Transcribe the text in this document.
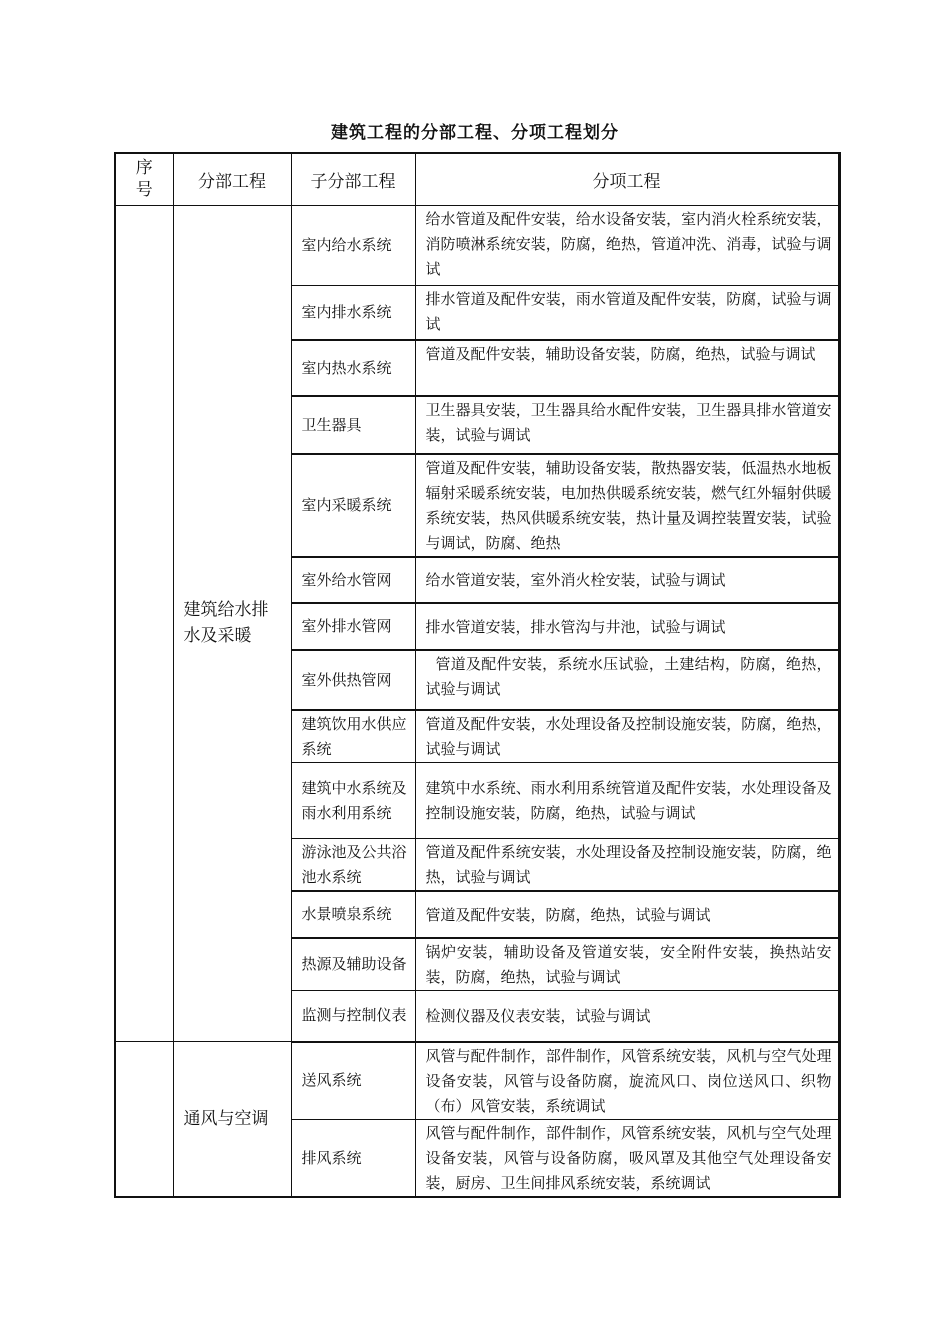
建筑工程的分部工程、分项工程划分
序号	分部工程	子分部工程	分项工程
	建筑给水排水及采暖	室内给水系统	给水管道及配件安装，给水设备安装，室内消火栓系统安装，消防喷淋系统安装，防腐，绝热，管道冲洗、消毒，试验与调试
		室内排水系统	排水管道及配件安装，雨水管道及配件安装，防腐，试验与调试
		室内热水系统	管道及配件安装，辅助设备安装，防腐，绝热，试验与调试
		卫生器具	卫生器具安装，卫生器具给水配件安装，卫生器具排水管道安装，试验与调试
		室内采暖系统	管道及配件安装，辅助设备安装，散热器安装，低温热水地板辐射采暖系统安装，电加热供暖系统安装，燃气红外辐射供暖系统安装，热风供暖系统安装，热计量及调控装置安装，试验与调试，防腐、绝热
		室外给水管网	给水管道安装，室外消火栓安装，试验与调试
		室外排水管网	排水管道安装，排水管沟与井池，试验与调试
		室外供热管网	管道及配件安装，系统水压试验，土建结构，防腐，绝热，试验与调试
		建筑饮用水供应系统	管道及配件安装，水处理设备及控制设施安装，防腐，绝热，试验与调试
		建筑中水系统及雨水利用系统	建筑中水系统、雨水利用系统管道及配件安装，水处理设备及控制设施安装，防腐，绝热，试验与调试
		游泳池及公共浴池水系统	管道及配件系统安装，水处理设备及控制设施安装，防腐，绝热，试验与调试
		水景喷泉系统	管道及配件安装，防腐，绝热，试验与调试
		热源及辅助设备	锅炉安装，辅助设备及管道安装，安全附件安装，换热站安装，防腐，绝热，试验与调试
		监测与控制仪表	检测仪器及仪表安装，试验与调试
	通风与空调	送风系统	风管与配件制作，部件制作，风管系统安装，风机与空气处理设备安装，风管与设备防腐，旋流风口、岗位送风口、织物（布）风管安装，系统调试
		排风系统	风管与配件制作，部件制作，风管系统安装，风机与空气处理设备安装，风管与设备防腐，吸风罩及其他空气处理设备安装，厨房、卫生间排风系统安装，系统调试
